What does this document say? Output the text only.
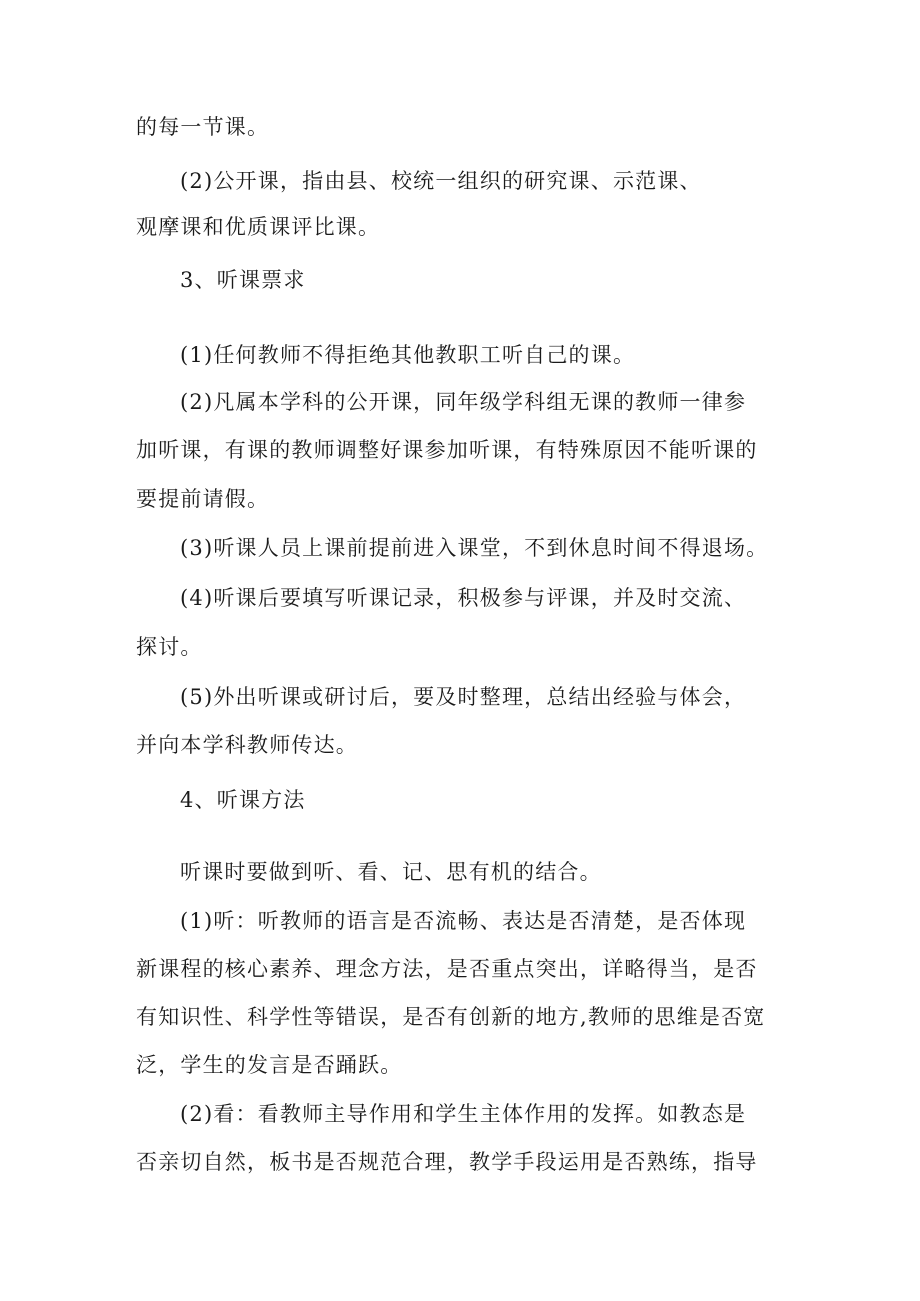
的每一节课。
(2)公开课，指由县、校统一组织的研究课、示范课、
观摩课和优质课评比课。
3、听课票求
(1)任何教师不得拒绝其他教职工听自己的课。
(2)凡属本学科的公开课，同年级学科组无课的教师一律参
加听课，有课的教师调整好课参加听课，有特殊原因不能听课的
要提前请假。
(3)听课人员上课前提前进入课堂，不到休息时间不得退场。
(4)听课后要填写听课记录，积极参与评课，并及时交流、
探讨。
(5)外出听课或研讨后，要及时整理，总结出经验与体会，
并向本学科教师传达。
4、听课方法
听课时要做到听、看、记、思有机的结合。
(1)听：听教师的语言是否流畅、表达是否清楚，是否体现
新课程的核心素养、理念方法，是否重点突出，详略得当，是否
有知识性、科学性等错误，是否有创新的地方,教师的思维是否宽
泛，学生的发言是否踊跃。
(2)看：看教师主导作用和学生主体作用的发挥。如教态是
否亲切自然，板书是否规范合理，教学手段运用是否熟练，指导
